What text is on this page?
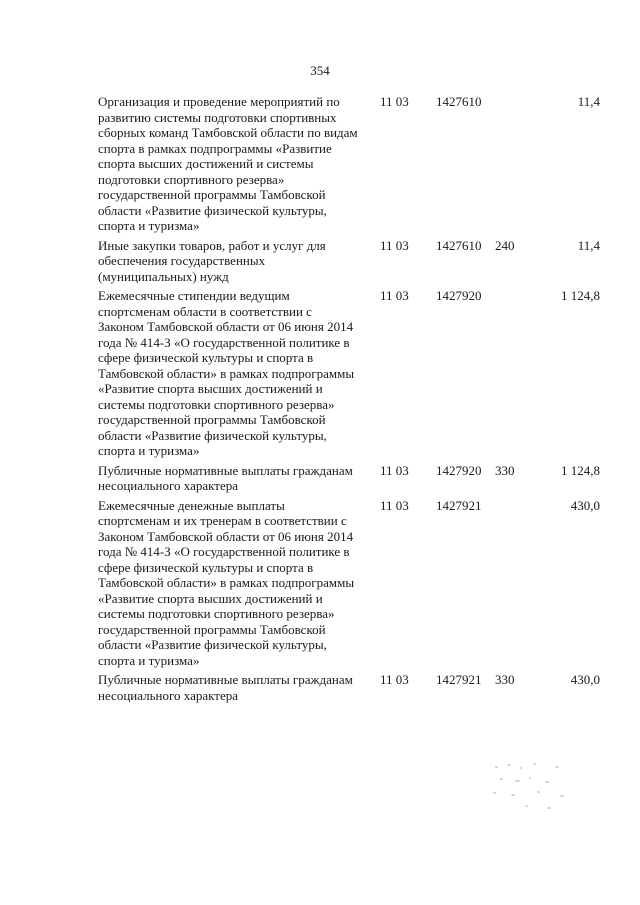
354
Организация и проведение мероприятий по развитию системы подготовки спортивных сборных команд Тамбовской области по видам спорта в рамках подпрограммы «Развитие спорта высших достижений и системы подготовки спортивного резерва» государственной программы Тамбовской области «Развитие физической культуры, спорта и туризма»
11 03 1427610	11,4
Иные закупки товаров, работ и услуг для обеспечения государственных (муниципальных) нужд
11 03 1427610 240	11,4
Ежемесячные стипендии ведущим спортсменам области в соответствии с Законом Тамбовской области от 06 июня 2014 года № 414-З «О государственной политике в сфере физической культуры и спорта в Тамбовской области» в рамках подпрограммы «Развитие спорта высших достижений и системы подготовки спортивного резерва» государственной программы Тамбовской области «Развитие физической культуры, спорта и туризма»
11 03 1427920	1 124,8
Публичные нормативные выплаты гражданам несоциального характера
11 03 1427920 330	1 124,8
Ежемесячные денежные выплаты спортсменам и их тренерам в соответствии с Законом Тамбовской области от 06 июня 2014 года № 414-З «О государственной политике в сфере физической культуры и спорта в Тамбовской области» в рамках подпрограммы «Развитие спорта высших достижений и системы подготовки спортивного резерва» государственной программы Тамбовской области «Развитие физической культуры, спорта и туризма»
11 03 1427921	430,0
Публичные нормативные выплаты гражданам несоциального характера
11 03 1427921 330	430,0
